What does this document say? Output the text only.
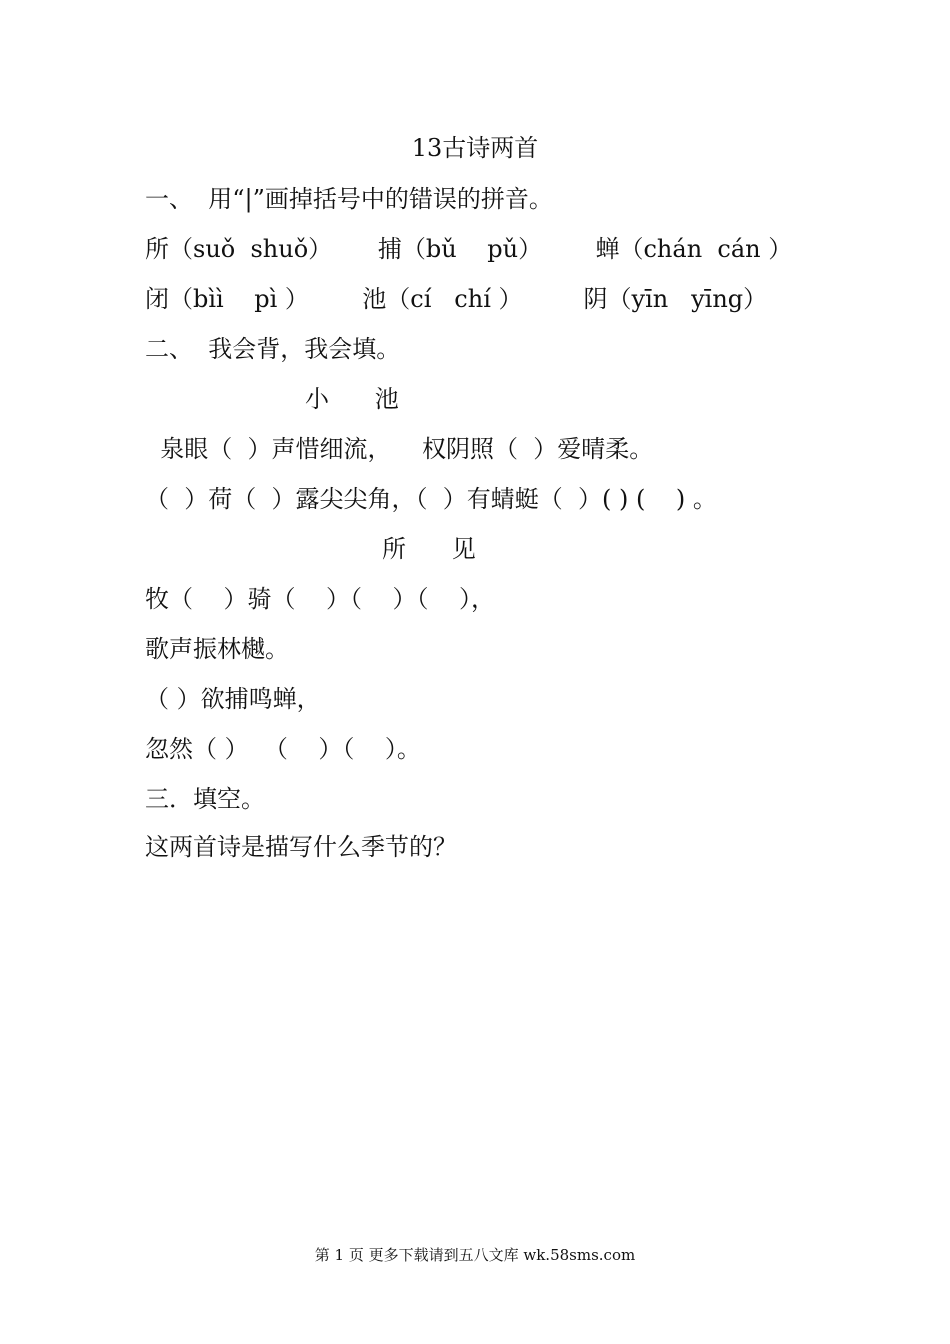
13古诗两首
一、  用“|”画掉括号中的错误的拼音。
所（suǒ  shuǒ）      捕（bǔ    pǔ）       蝉（chán  cán ）
闭（bìì    pì ）       池（cí   chí ）        阴（yīn   yīng）
二、  我会背，我会填。
小      池
泉眼（  ）声惜细流，    权阴照（  ）爱晴柔。
（  ）荷（  ）露尖尖角，（  ）有蜻蜓（  ）( ) (    ) 。
所      见
牧（    ）骑（    ）（    ）（    ），
歌声振林樾。
（ ）欲捕鸣蝉，
忽然（ ）  （    ）（    ）。
三．填空。
这两首诗是描写什么季节的？
第 1 页 更多下载请到五八文库 wk.58sms.com
